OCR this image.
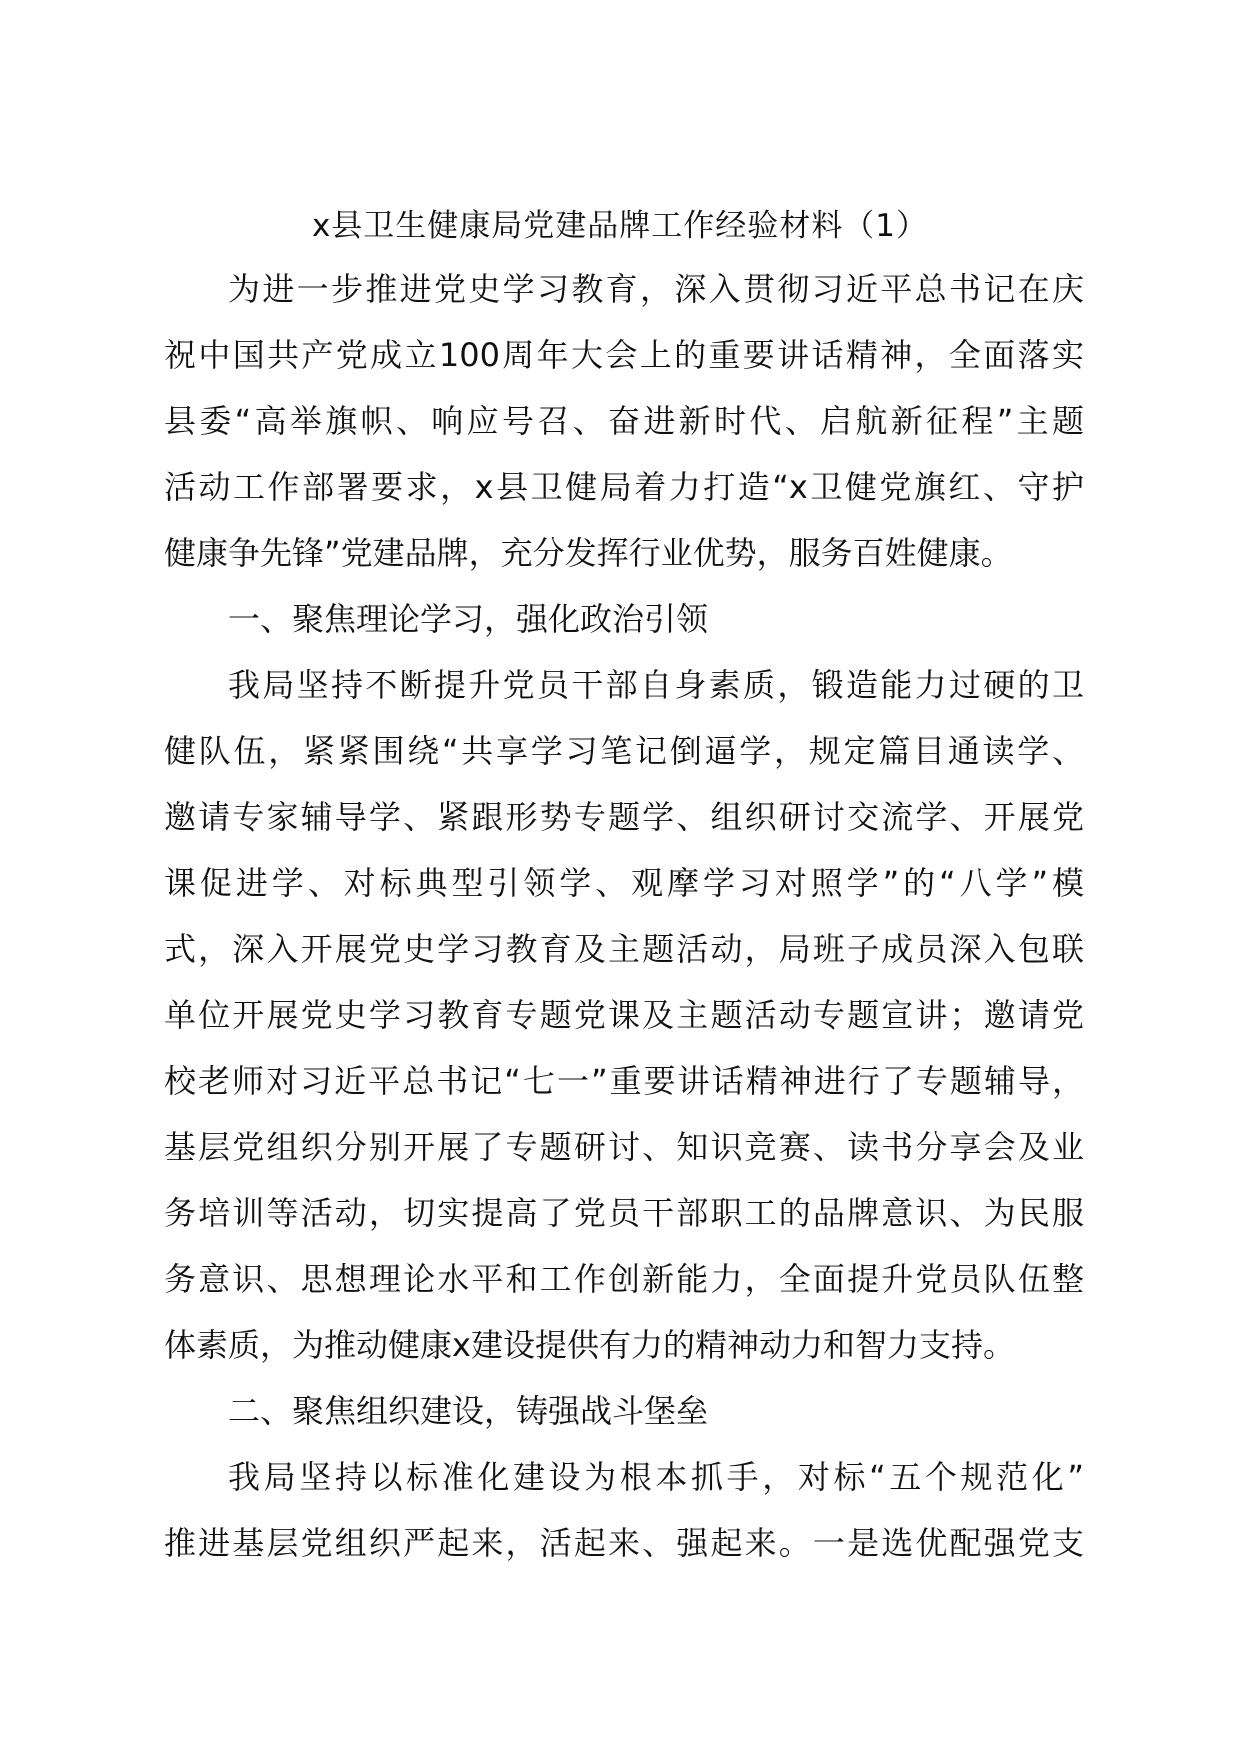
x县卫生健康局党建品牌工作经验材料（1）
为进一步推进党史学习教育，深入贯彻习近平总书记在庆
祝中国共产党成立100周年大会上的重要讲话精神，全面落实
县委“高举旗帜、响应号召、奋进新时代、启航新征程”主题
活动工作部署要求，x县卫健局着力打造“x卫健党旗红、守护
健康争先锋”党建品牌，充分发挥行业优势，服务百姓健康。
一、聚焦理论学习，强化政治引领
我局坚持不断提升党员干部自身素质，锻造能力过硬的卫
健队伍，紧紧围绕“共享学习笔记倒逼学，规定篇目通读学、
邀请专家辅导学、紧跟形势专题学、组织研讨交流学、开展党
课促进学、对标典型引领学、观摩学习对照学”的“八学”模
式，深入开展党史学习教育及主题活动，局班子成员深入包联
单位开展党史学习教育专题党课及主题活动专题宣讲；邀请党
校老师对习近平总书记“七一”重要讲话精神进行了专题辅导，
基层党组织分别开展了专题研讨、知识竞赛、读书分享会及业
务培训等活动，切实提高了党员干部职工的品牌意识、为民服
务意识、思想理论水平和工作创新能力，全面提升党员队伍整
体素质，为推动健康x建设提供有力的精神动力和智力支持。
二、聚焦组织建设，铸强战斗堡垒
我局坚持以标准化建设为根本抓手，对标“五个规范化”
推进基层党组织严起来，活起来、强起来。一是选优配强党支
